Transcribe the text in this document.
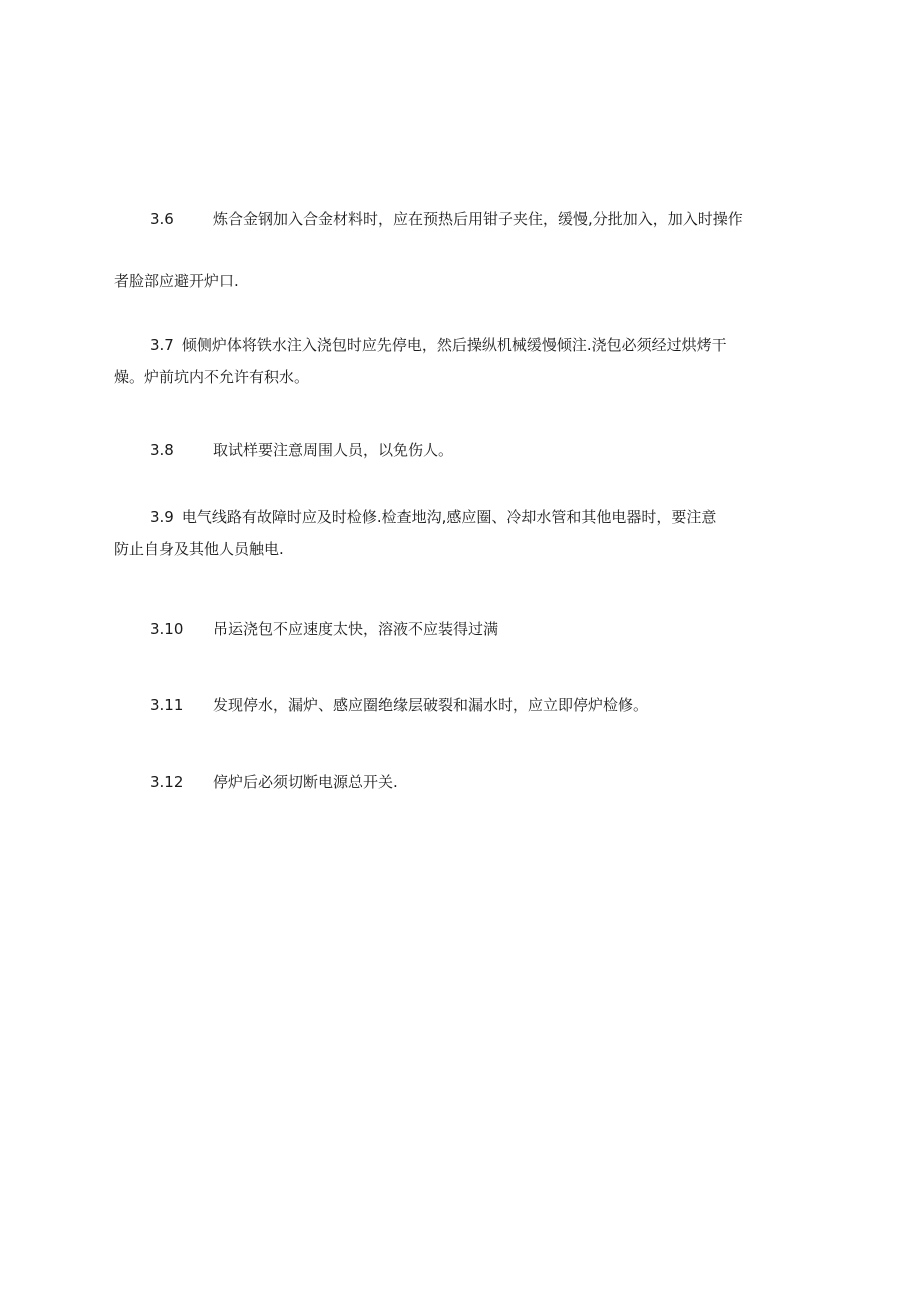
3.6	炼合金钢加入合金材料时，应在预热后用钳子夹住，缓慢,分批加入，加入时操作
者脸部应避开炉口.
3.7 倾侧炉体将铁水注入浇包时应先停电，然后操纵机械缓慢倾注.浇包必须经过烘烤干
燥。炉前坑内不允许有积水。
3.8	取试样要注意周围人员，以免伤人。
3.9 电气线路有故障时应及时检修.检查地沟,感应圈、冷却水管和其他电器时，要注意
防止自身及其他人员触电.
3.10 吊运浇包不应速度太快，溶液不应装得过满
3.11 发现停水，漏炉、感应圈绝缘层破裂和漏水时，应立即停炉检修。
3.12 停炉后必须切断电源总开关.
